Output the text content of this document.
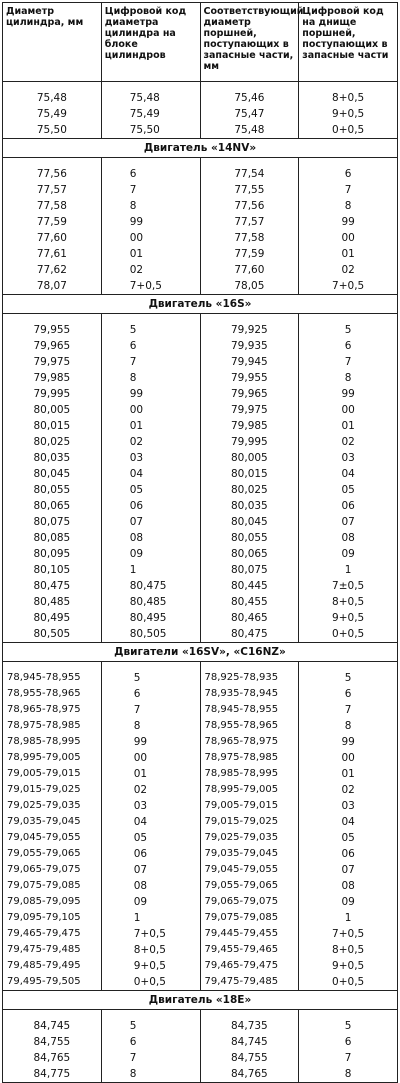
Диаметр цилиндра, мм	Цифровой код диаметра цилиндра на блоке цилиндров	Соответствующий диаметр поршней, поступающих в запасные части, мм	Цифровой код на днище поршней, поступающих в запасные части

75,48	75,48	75,46	8+0,5
75,49	75,49	75,47	9+0,5
75,50	75,50	75,48	0+0,5
Двигатель «14NV»			

77,56	6	77,54	6
77,57	7	77,55	7
77,58	8	77,56	8
77,59	99	77,57	99
77,60	00	77,58	00
77,61	01	77,59	01
77,62	02	77,60	02
78,07	7+0,5	78,05	7+0,5
Двигатель «16S»			

79,955	5	79,925	5
79,965	6	79,935	6
79,975	7	79,945	7
79,985	8	79,955	8
79,995	99	79,965	99
80,005	00	79,975	00
80,015	01	79,985	01
80,025	02	79,995	02
80,035	03	80,005	03
80,045	04	80,015	04
80,055	05	80,025	05
80,065	06	80,035	06
80,075	07	80,045	07
80,085	08	80,055	08
80,095	09	80,065	09
80,105	1	80,075	1
80,475	80,475	80,445	7±0,5
80,485	80,485	80,455	8+0,5
80,495	80,495	80,465	9+0,5
80,505	80,505	80,475	0+0,5
Двигатели «16SV», «С16NZ»			

78,945-78,955	5	78,925-78,935	5
78,955-78,965	6	78,935-78,945	6
78,965-78,975	7	78,945-78,955	7
78,975-78,985	8	78,955-78,965	8
78,985-78,995	99	78,965-78,975	99
78,995-79,005	00	78,975-78,985	00
79,005-79,015	01	78,985-78,995	01
79,015-79,025	02	78,995-79,005	02
79,025-79,035	03	79,005-79,015	03
79,035-79,045	04	79,015-79,025	04
79,045-79,055	05	79,025-79,035	05
79,055-79,065	06	79,035-79,045	06
79,065-79,075	07	79,045-79,055	07
79,075-79,085	08	79,055-79,065	08
79,085-79,095	09	79,065-79,075	09
79,095-79,105	1	79,075-79,085	1
79,465-79,475	7+0,5	79,445-79,455	7+0,5
79,475-79,485	8+0,5	79,455-79,465	8+0,5
79,485-79,495	9+0,5	79,465-79,475	9+0,5
79,495-79,505	0+0,5	79,475-79,485	0+0,5
Двигатель «18Е»			

84,745	5	84,735	5
84,755	6	84,745	6
84,765	7	84,755	7
84,775	8	84,765	8
